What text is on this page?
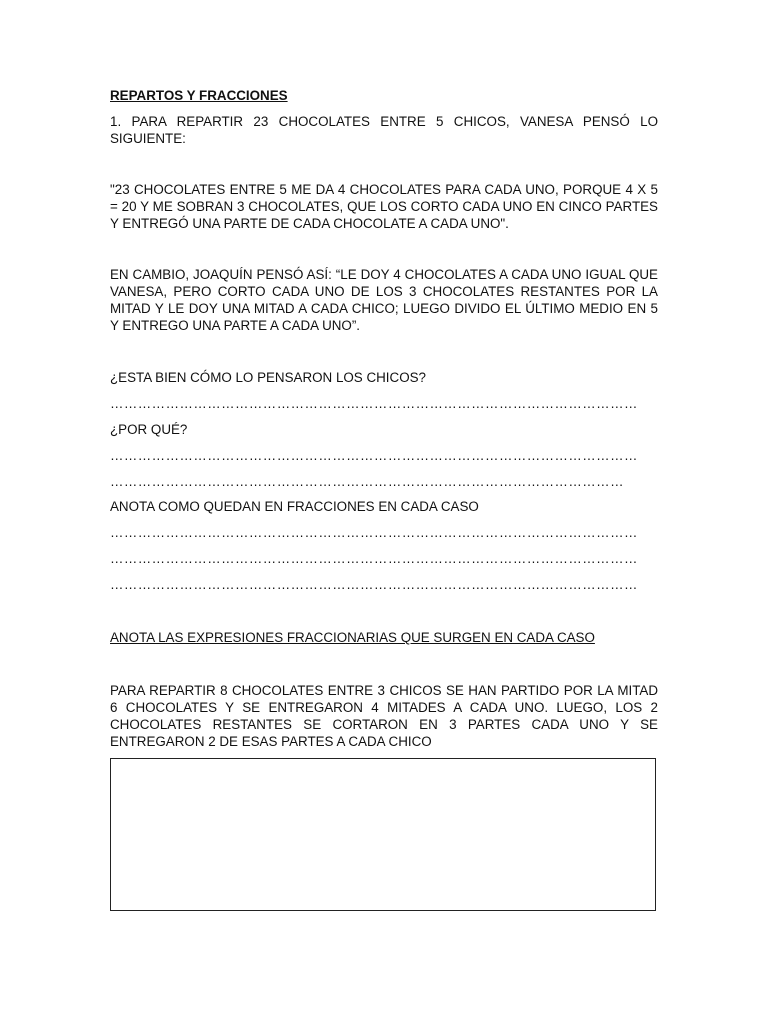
REPARTOS Y FRACCIONES

1. PARA REPARTIR 23 CHOCOLATES ENTRE 5 CHICOS, VANESA PENSÓ LO SIGUIENTE:

"23 CHOCOLATES ENTRE 5 ME DA 4 CHOCOLATES PARA CADA UNO, PORQUE 4 X 5 = 20 Y ME SOBRAN 3 CHOCOLATES, QUE LOS CORTO CADA UNO EN CINCO PARTES Y ENTREGÓ UNA PARTE DE CADA CHOCOLATE A CADA UNO".

EN CAMBIO, JOAQUÍN PENSÓ ASÍ: “LE DOY 4 CHOCOLATES A CADA UNO IGUAL QUE VANESA, PERO CORTO CADA UNO DE LOS 3 CHOCOLATES RESTANTES POR LA MITAD Y LE DOY UNA MITAD A CADA CHICO; LUEGO DIVIDO EL ÚLTIMO MEDIO EN 5 Y ENTREGO UNA PARTE A CADA UNO”.

¿ESTA BIEN CÓMO LO PENSARON LOS CHICOS?

……………………………………………………………………………………………………

¿POR QUÉ?

……………………………………………………………………………………………………

…………………………………………………………………………………………………

ANOTA COMO QUEDAN EN FRACCIONES EN CADA CASO

……………………………………………………………………………………………………

……………………………………………………………………………………………………

……………………………………………………………………………………………………

ANOTA LAS EXPRESIONES FRACCIONARIAS QUE SURGEN EN CADA CASO

PARA REPARTIR 8 CHOCOLATES ENTRE 3 CHICOS SE HAN PARTIDO POR LA MITAD 6 CHOCOLATES Y SE ENTREGARON 4 MITADES A CADA UNO. LUEGO, LOS 2 CHOCOLATES RESTANTES SE CORTARON EN 3 PARTES CADA UNO Y SE ENTREGARON 2 DE ESAS PARTES A CADA CHICO
